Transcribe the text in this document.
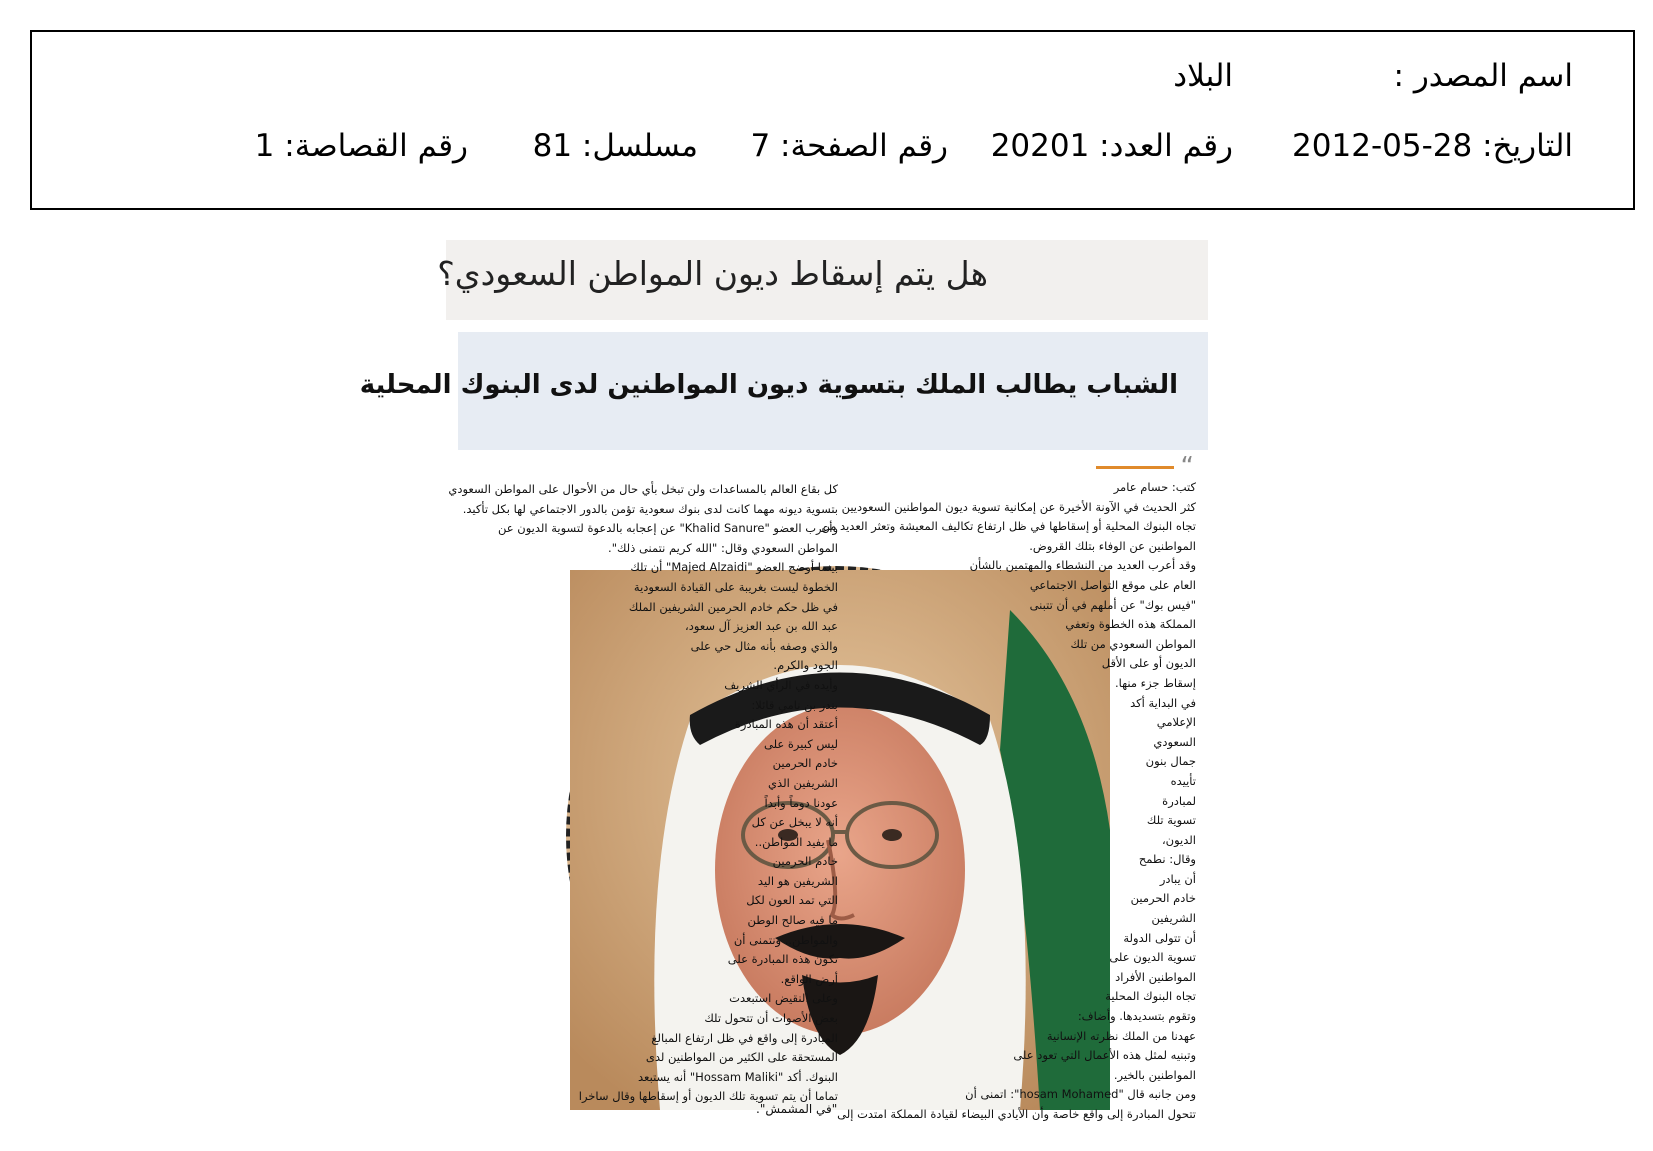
اسم المصدر :
البلاد
التاريخ: 28-05-2012
رقم العدد: 20201
رقم الصفحة: 7
مسلسل: 81
رقم القصاصة: 1
هل يتم إسقاط ديون المواطن السعودي؟
الشباب يطالب الملك بتسوية ديون المواطنين لدى البنوك المحلية
“
كتب: حسام عامر
كثر الحديث في الآونة الأخيرة عن إمكانية تسوية ديون المواطنين السعوديين
تجاه البنوك المحلية أو إسقاطها في ظل ارتفاع تكاليف المعيشة وتعثر العديد من
المواطنين عن الوفاء بتلك القروض.
وقد أعرب العديد من النشطاء والمهتمين بالشأن
العام على موقع التواصل الاجتماعي
"فيس بوك" عن أملهم في أن تتبنى
المملكة هذه الخطوة وتعفي
المواطن السعودي من تلك
الديون أو على الأقل
إسقاط جزء منها.
في البداية أكد
الإعلامي
السعودي
جمال بنون
تأييده
لمبادرة
تسوية تلك
الديون،
وقال: نطمح
أن يبادر
خادم الحرمين
الشريفين
أن تتولى الدولة
تسوية الديون على
المواطنين الأفراد
تجاه البنوك المحلية
وتقوم بتسديدها. وأضاف:
عهدنا من الملك نظرته الإنسانية
وتبنيه لمثل هذه الأعمال التي تعود على
المواطنين بالخير.
ومن جانبه قال "hosam Mohamed": اتمنى أن
تتحول المبادرة إلى واقع خاصة وأن الأيادي البيضاء لقيادة المملكة امتدت إلى
كل بقاع العالم بالمساعدات ولن تبخل بأي حال من الأحوال على المواطن السعودي
بتسوية ديونه مهما كانت لدى بنوك سعودية تؤمن بالدور الاجتماعي لها بكل تأكيد.
وأعرب العضو "Khalid Sanure" عن إعجابه بالدعوة لتسوية الديون عن
المواطن السعودي وقال: "الله كريم نتمنى ذلك".
بينما أوضح العضو "Majed Alzaidi" أن تلك
الخطوة ليست بغريبة على القيادة السعودية
في ظل حكم خادم الحرمين الشريفين الملك
عبد الله بن عبد العزيز آل سعود،
والذي وصفه بأنه مثال حي على
الجود والكرم.
وأيده في الرأي الشريف
بندر بن نامي قائلا:
أعتقد أن هذه المبادرة
ليس كبيرة على
خادم الحرمين
الشريفين الذي
عودنا دوماً وأبداً
أنه لا يبخل عن كل
ما يفيد المواطن..
خادم الحرمين
الشريفين هو اليد
التي تمد العون لكل
ما فيه صالح الوطن
والمواطن.. ونتمنى أن
تكون هذه المبادرة على
أرض الواقع.
وعلى النقيض استبعدت
بعض الأصوات أن تتحول تلك
المبادرة إلى واقع في ظل ارتفاع المبالغ
المستحقة على الكثير من المواطنين لدى
البنوك. أكد "Hossam Maliki" أنه يستبعد
تماما أن يتم تسوية تلك الديون أو إسقاطها وقال ساخرا
"في المشمش".
